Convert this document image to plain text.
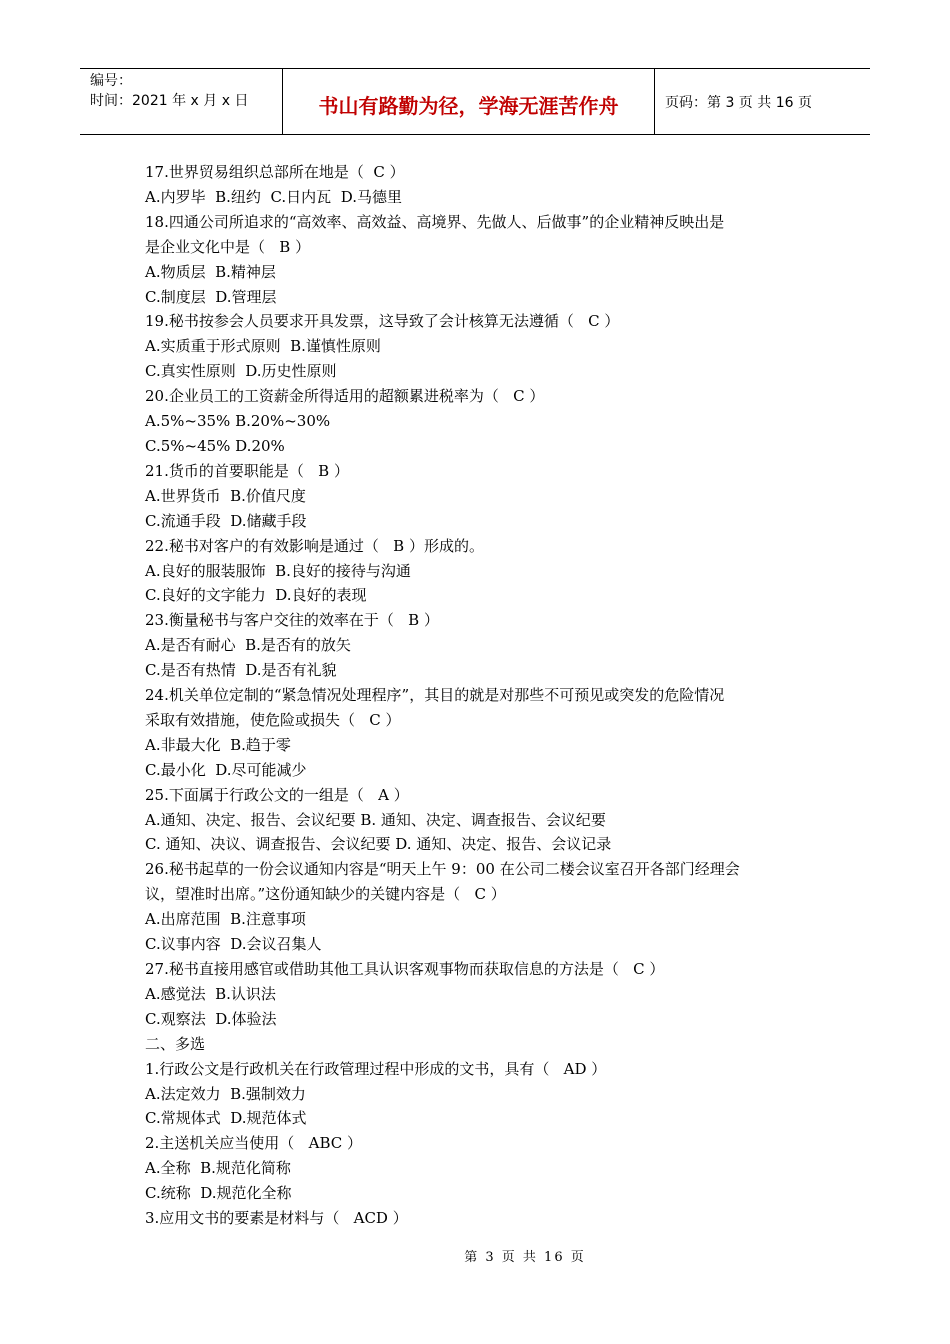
编号：
时间：2021 年 x 月 x 日	书山有路勤为径，学海无涯苦作舟	页码：第 3 页 共 16 页
17.世界贸易组织总部所在地是（  C ）
A.内罗毕  B.纽约  C.日内瓦  D.马德里
18.四通公司所追求的“高效率、高效益、高境界、先做人、后做事”的企业精神反映出是
是企业文化中是（   B ）
A.物质层  B.精神层
C.制度层  D.管理层
19.秘书按参会人员要求开具发票，这导致了会计核算无法遵循（   C ）
A.实质重于形式原则  B.谨慎性原则
C.真实性原则  D.历史性原则
20.企业员工的工资薪金所得适用的超额累进税率为（   C ）
A.5%~35% B.20%~30%
C.5%~45% D.20%
21.货币的首要职能是（   B ）
A.世界货币  B.价值尺度
C.流通手段  D.储藏手段
22.秘书对客户的有效影响是通过（   B ）形成的。
A.良好的服装服饰  B.良好的接待与沟通
C.良好的文字能力  D.良好的表现
23.衡量秘书与客户交往的效率在于（   B ）
A.是否有耐心  B.是否有的放矢
C.是否有热情  D.是否有礼貌
24.机关单位定制的“紧急情况处理程序”，其目的就是对那些不可预见或突发的危险情况
采取有效措施，使危险或损失（   C ）
A.非最大化  B.趋于零
C.最小化  D.尽可能减少
25.下面属于行政公文的一组是（   A ）
A.通知、决定、报告、会议纪要 B. 通知、决定、调查报告、会议纪要
C. 通知、决议、调查报告、会议纪要 D. 通知、决定、报告、会议记录
26.秘书起草的一份会议通知内容是“明天上午 9：00 在公司二楼会议室召开各部门经理会
议，望准时出席。”这份通知缺少的关键内容是（   C ）
A.出席范围  B.注意事项
C.议事内容  D.会议召集人
27.秘书直接用感官或借助其他工具认识客观事物而获取信息的方法是（   C ）
A.感觉法  B.认识法
C.观察法  D.体验法
二、多选
1.行政公文是行政机关在行政管理过程中形成的文书，具有（   AD ）
A.法定效力  B.强制效力
C.常规体式  D.规范体式
2.主送机关应当使用（   ABC ）
A.全称  B.规范化简称
C.统称  D.规范化全称
3.应用文书的要素是材料与（   ACD ）
第 3 页 共 16 页
